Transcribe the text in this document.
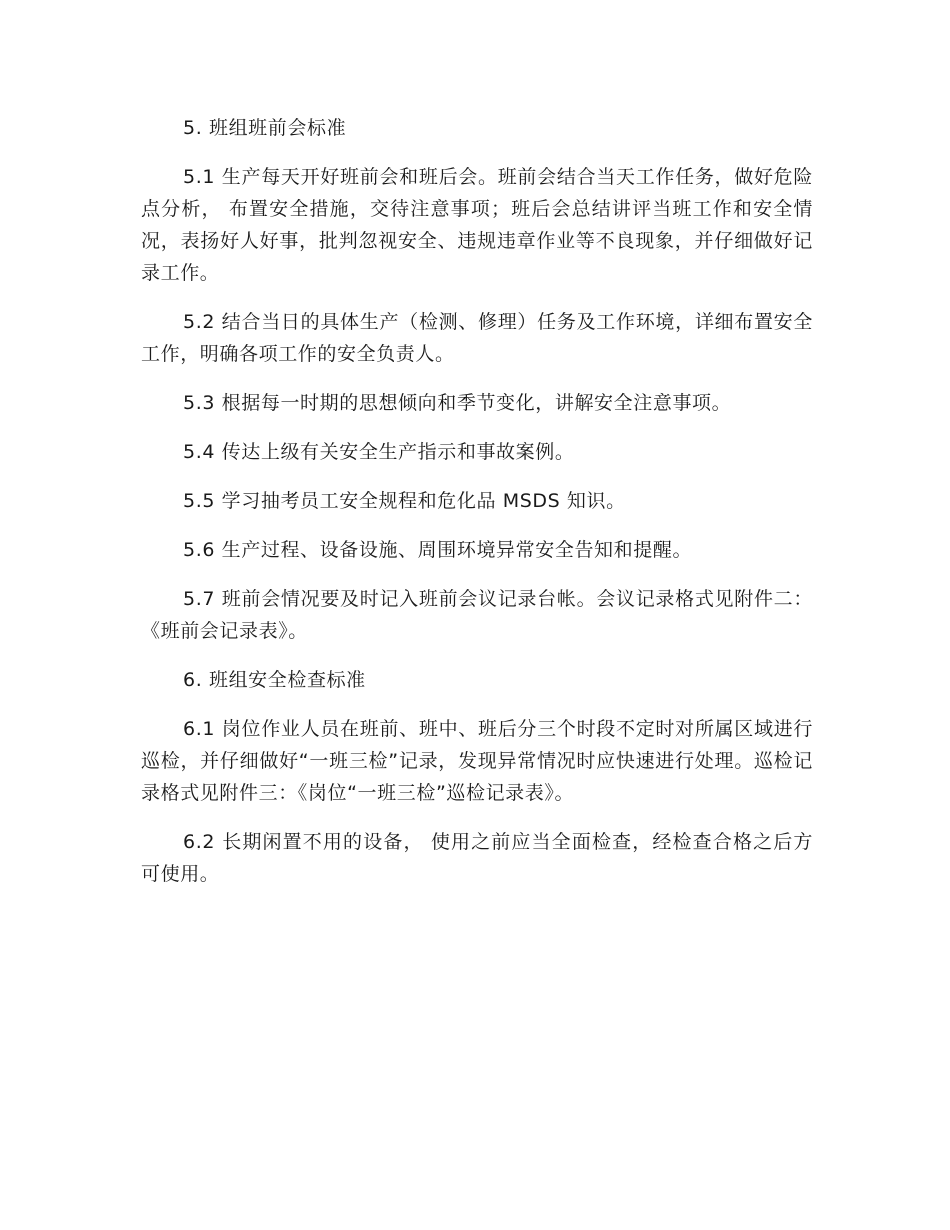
5. 班组班前会标准

5.1 生产每天开好班前会和班后会。班前会结合当天工作任务，做好危险点分析， 布置安全措施，交待注意事项；班后会总结讲评当班工作和安全情况，表扬好人好事，批判忽视安全、违规违章作业等不良现象，并仔细做好记录工作。

5.2 结合当日的具体生产（检测、修理）任务及工作环境，详细布置安全工作，明确各项工作的安全负责人。

5.3 根据每一时期的思想倾向和季节变化，讲解安全注意事项。

5.4 传达上级有关安全生产指示和事故案例。

5.5 学习抽考员工安全规程和危化品 MSDS 知识。

5.6 生产过程、设备设施、周围环境异常安全告知和提醒。

5.7 班前会情况要及时记入班前会议记录台帐。会议记录格式见附件二：《班前会记录表》。

6. 班组安全检查标准

6.1 岗位作业人员在班前、班中、班后分三个时段不定时对所属区域进行巡检，并仔细做好“一班三检”记录，发现异常情况时应快速进行处理。巡检记录格式见附件三：《岗位“一班三检”巡检记录表》。

6.2 长期闲置不用的设备， 使用之前应当全面检查，经检查合格之后方可使用。
